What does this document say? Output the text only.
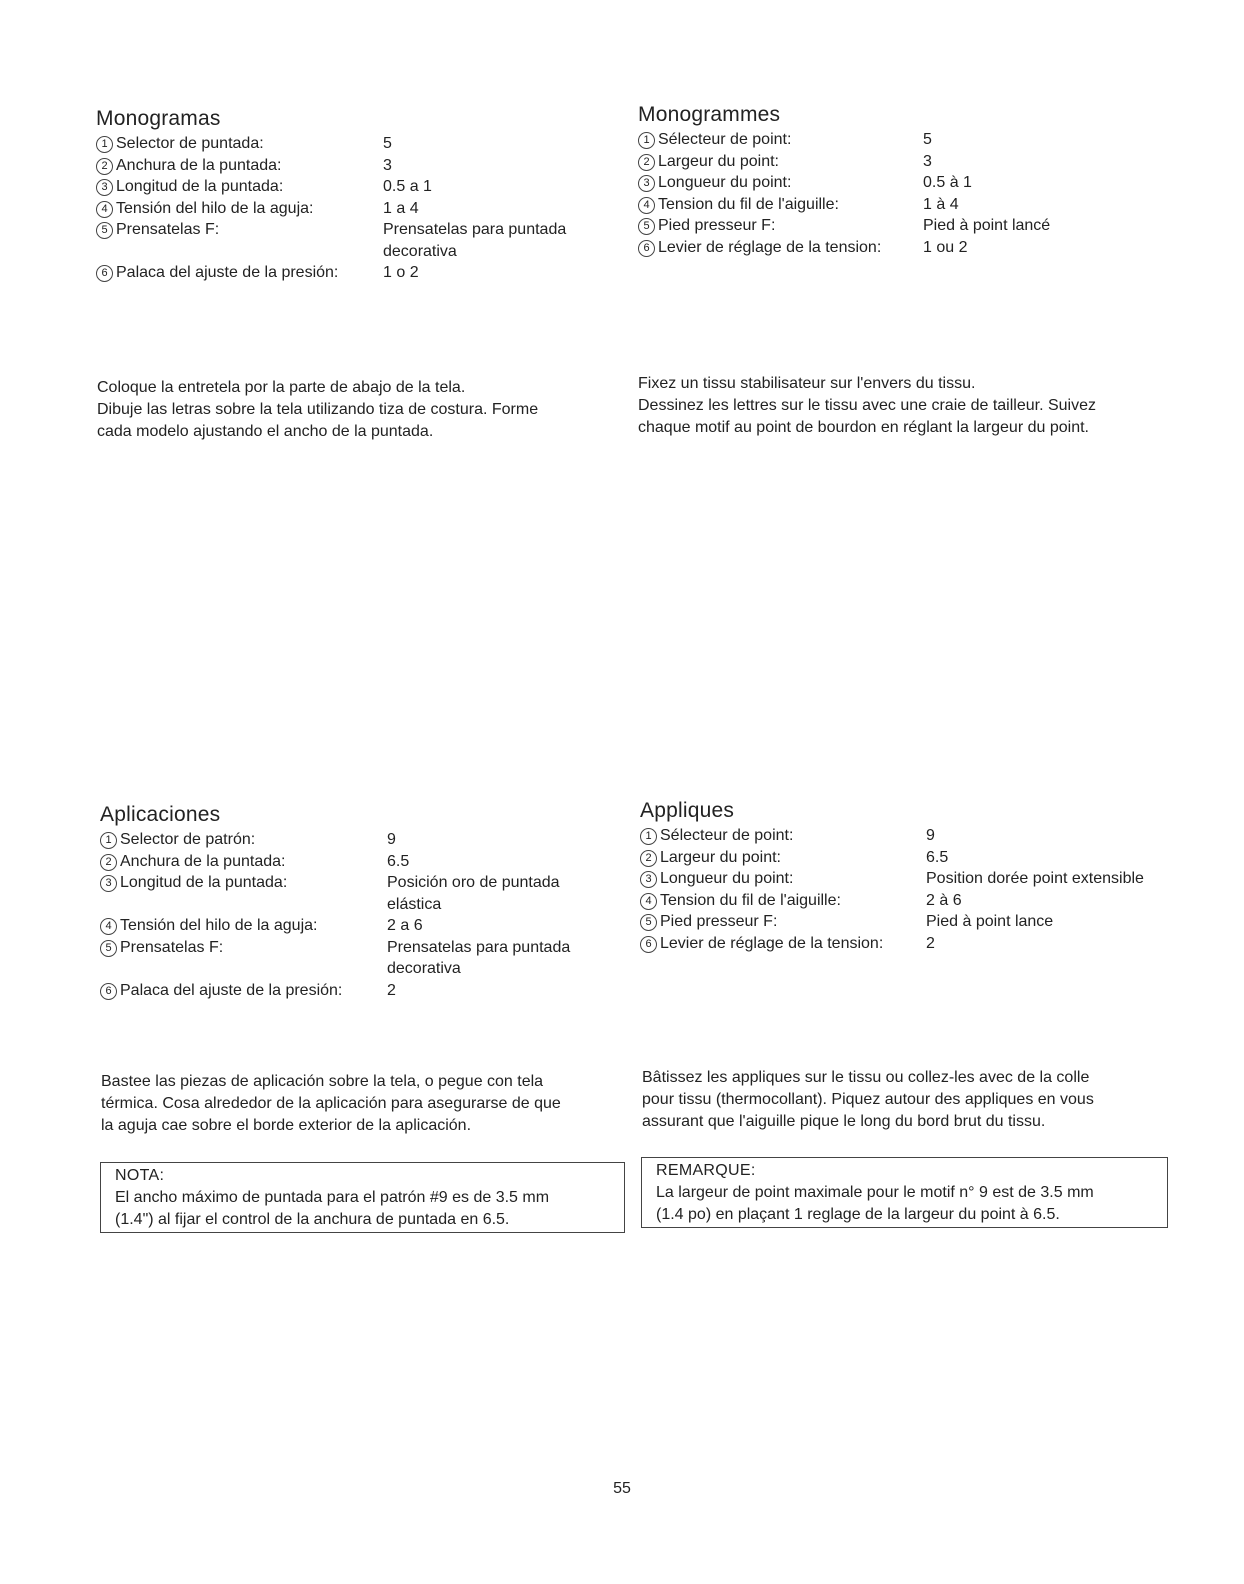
Monogramas
1 Selector de puntada:	5
2 Anchura de la puntada:	3
3 Longitud de la puntada:	0.5 a 1
4 Tensión del hilo de la aguja:	1 a 4
5 Prensatelas F:	Prensatelas para puntada
decorativa
6 Palaca del ajuste de la presión:	1 o 2
Coloque la entretela por la parte de abajo de la tela.
Dibuje las letras sobre la tela utilizando tiza de costura. Forme
cada modelo ajustando el ancho de la puntada.
Monogrammes
1 Sélecteur de point:	5
2 Largeur du point:	3
3 Longueur du point:	0.5 à 1
4 Tension du fil de l'aiguille:	1 à 4
5 Pied presseur F:	Pied à point lancé
6 Levier de réglage de la tension:	1 ou 2
Fixez un tissu stabilisateur sur l'envers du tissu.
Dessinez les lettres sur le tissu avec une craie de tailleur. Suivez
chaque motif au point de bourdon en réglant la largeur du point.
Aplicaciones
1 Selector de patrón:	9
2 Anchura de la puntada:	6.5
3 Longitud de la puntada:	Posición oro de puntada
elástica
4 Tensión del hilo de la aguja:	2 a 6
5 Prensatelas F:	Prensatelas para puntada
decorativa
6 Palaca del ajuste de la presión:	2
Bastee las piezas de aplicación sobre la tela, o pegue con tela
térmica. Cosa alrededor de la aplicación para asegurarse de que
la aguja cae sobre el borde exterior de la aplicación.
NOTA:
El ancho máximo de puntada para el patrón #9 es de 3.5 mm
(1.4") al fijar el control de la anchura de puntada en 6.5.
Appliques
1 Sélecteur de point:	9
2 Largeur du point:	6.5
3 Longueur du point:	Position dorée point extensible
4 Tension du fil de l'aiguille:	2 à 6
5 Pied presseur F:	Pied à point lance
6 Levier de réglage de la tension:	2
Bâtissez les appliques sur le tissu ou collez-les avec de la colle
pour tissu (thermocollant). Piquez autour des appliques en vous
assurant que l'aiguille pique le long du bord brut du tissu.
REMARQUE:
La largeur de point maximale pour le motif n° 9 est de 3.5 mm
(1.4 po) en plaçant 1 reglage de la largeur du point à 6.5.
55
